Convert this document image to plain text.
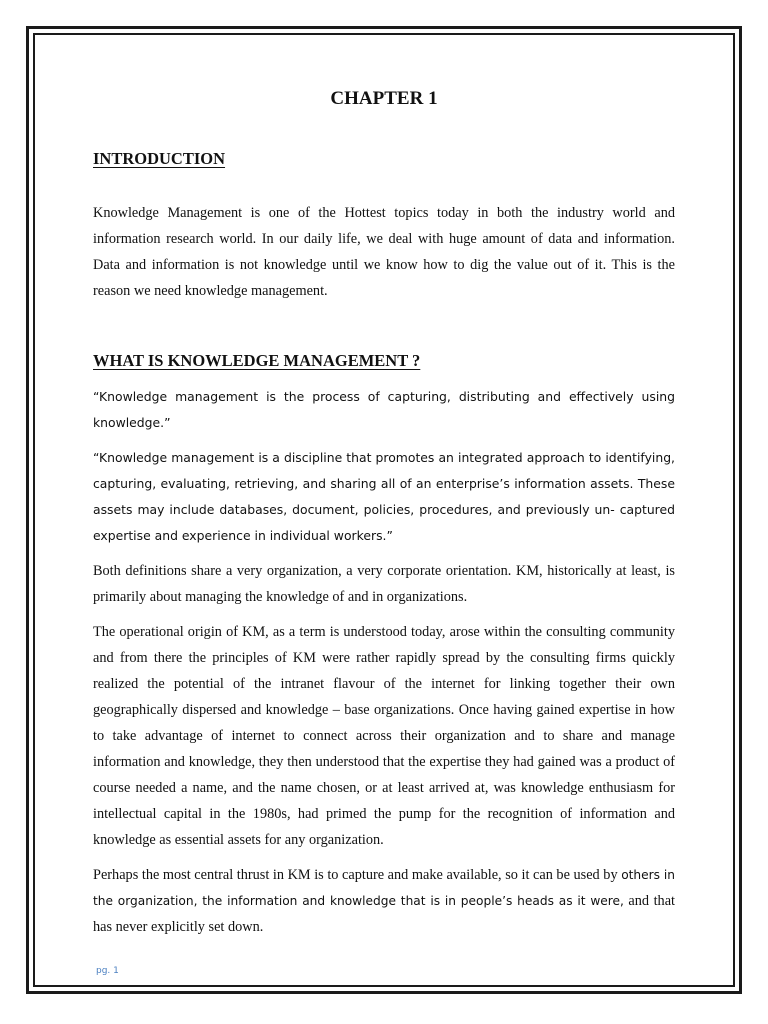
CHAPTER 1
INTRODUCTION

Knowledge Management is one of the Hottest topics today in both the industry world and information research world. In our daily life, we deal with huge amount of data and information. Data and information is not knowledge until we know how to dig the value out of it. This is the reason we need knowledge management.

WHAT IS KNOWLEDGE MANAGEMENT ?

“Knowledge management is the process of capturing, distributing and effectively using knowledge.”

“Knowledge management is a discipline that promotes an integrated approach to identifying, capturing, evaluating, retrieving, and sharing all of an enterprise’s information assets. These assets may include databases, document, policies, procedures, and previously un- captured expertise and experience in individual workers.”

Both definitions share a very organization, a very corporate orientation. KM, historically at least, is primarily about managing the knowledge of and in organizations.

The operational origin of KM, as a term is understood today, arose within the consulting community and from there the principles of KM were rather rapidly spread by the consulting firms quickly realized the potential of the intranet flavour of the internet for linking together their own geographically dispersed and knowledge – base organizations. Once having gained expertise in how to take advantage of internet to connect across their organization and to share and manage information and knowledge, they then understood that the expertise they had gained was a product of course needed a name, and the name chosen, or at least arrived at, was knowledge enthusiasm for intellectual capital in the 1980s, had primed the pump for the recognition of information and knowledge as essential assets for any organization.

Perhaps the most central thrust in KM is to capture and make available, so it can be used by others in the organization, the information and knowledge that is in people’s heads as it were, and that has never explicitly set down.

pg. 1
